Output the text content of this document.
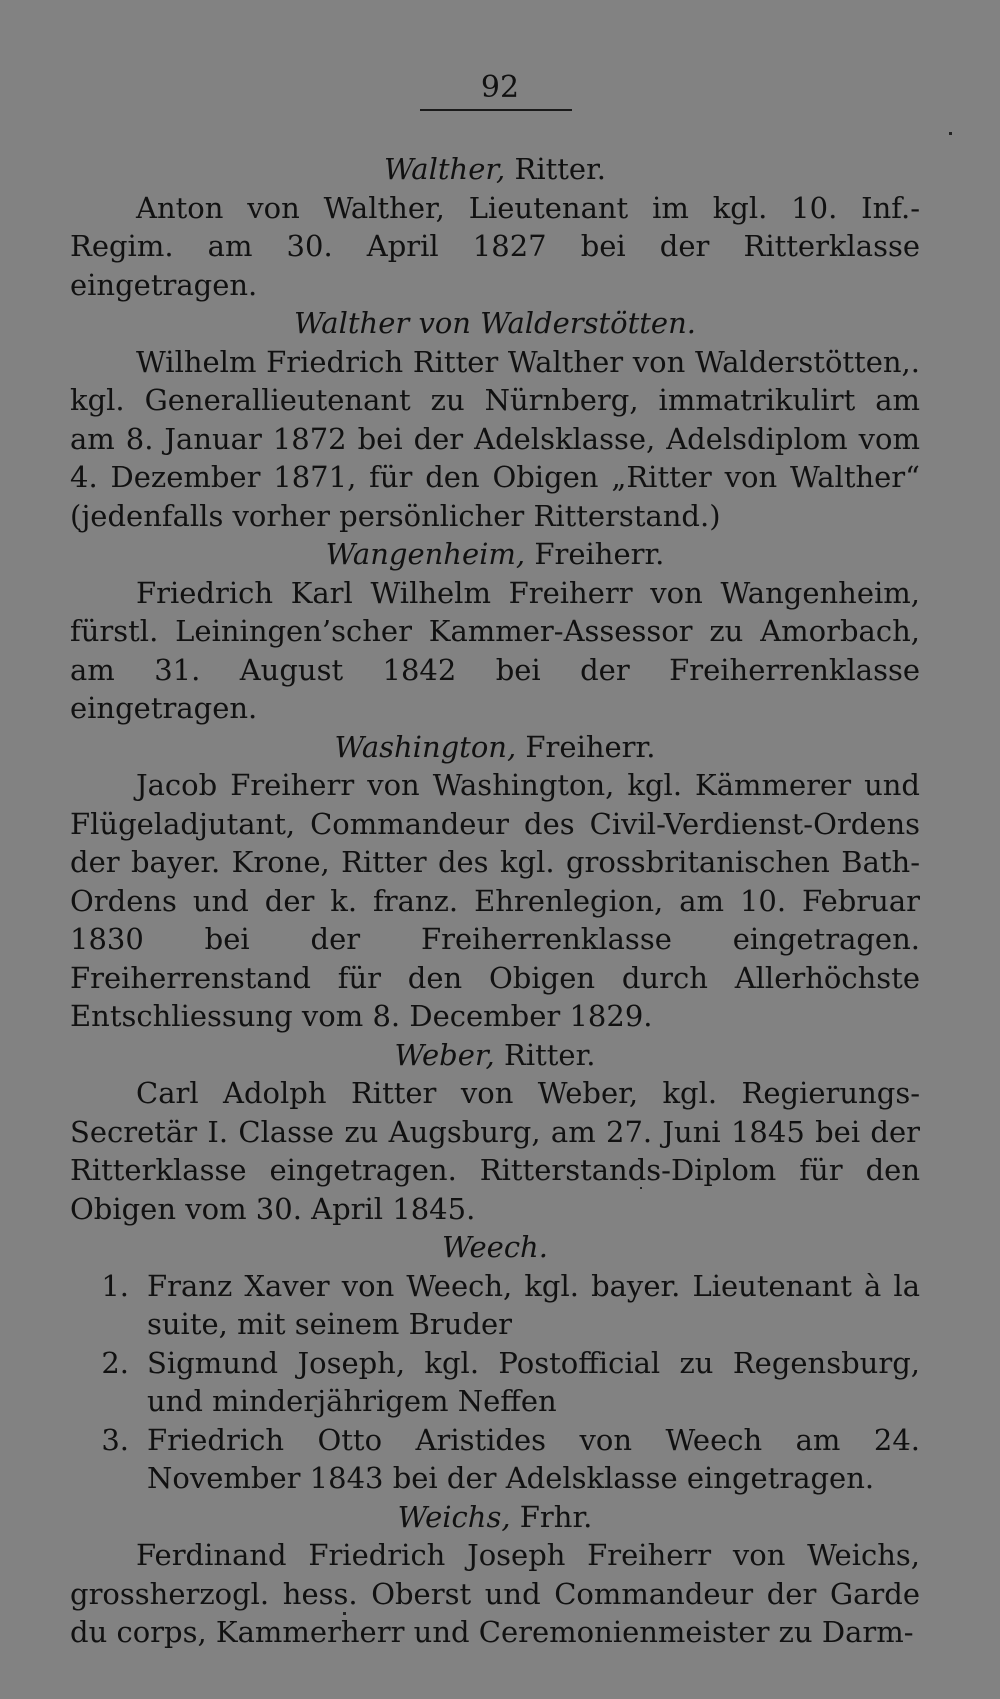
92

Walther, Ritter.

Anton von Walther, Lieutenant im kgl. 10. Inf.-Regim. am 30. April 1827 bei der Ritterklasse eingetragen.

Walther von Walderstötten.

Wilhelm Friedrich Ritter Walther von Walderstötten,. kgl. Generallieutenant zu Nürnberg, immatrikulirt am am 8. Januar 1872 bei der Adelsklasse, Adelsdiplom vom 4. Dezember 1871, für den Obigen „Ritter von Walther“ (jedenfalls vorher persönlicher Ritterstand.)

Wangenheim, Freiherr.

Friedrich Karl Wilhelm Freiherr von Wangenheim, fürstl. Leiningen’scher Kammer-Assessor zu Amorbach, am 31. August 1842 bei der Freiherrenklasse eingetragen.

Washington, Freiherr.

Jacob Freiherr von Washington, kgl. Kämmerer und Flügeladjutant, Commandeur des Civil-Verdienst-Ordens der bayer. Krone, Ritter des kgl. grossbritanischen Bath-Ordens und der k. franz. Ehrenlegion, am 10. Februar 1830 bei der Freiherrenklasse eingetragen. Freiherrenstand für den Obigen durch Allerhöchste Entschliessung vom 8. December 1829.

Weber, Ritter.

Carl Adolph Ritter von Weber, kgl. Regierungs-Secretär I. Classe zu Augsburg, am 27. Juni 1845 bei der Ritterklasse eingetragen. Ritterstands-Diplom für den Obigen vom 30. April 1845.

Weech.

1. Franz Xaver von Weech, kgl. bayer. Lieutenant à la suite, mit seinem Bruder
2. Sigmund Joseph, kgl. Postofficial zu Regensburg, und minderjährigem Neffen
3. Friedrich Otto Aristides von Weech am 24. November 1843 bei der Adelsklasse eingetragen.

Weichs, Frhr.

Ferdinand Friedrich Joseph Freiherr von Weichs, grossherzogl. hess. Oberst und Commandeur der Garde du corps, Kammerherr und Ceremonienmeister zu Darm-
